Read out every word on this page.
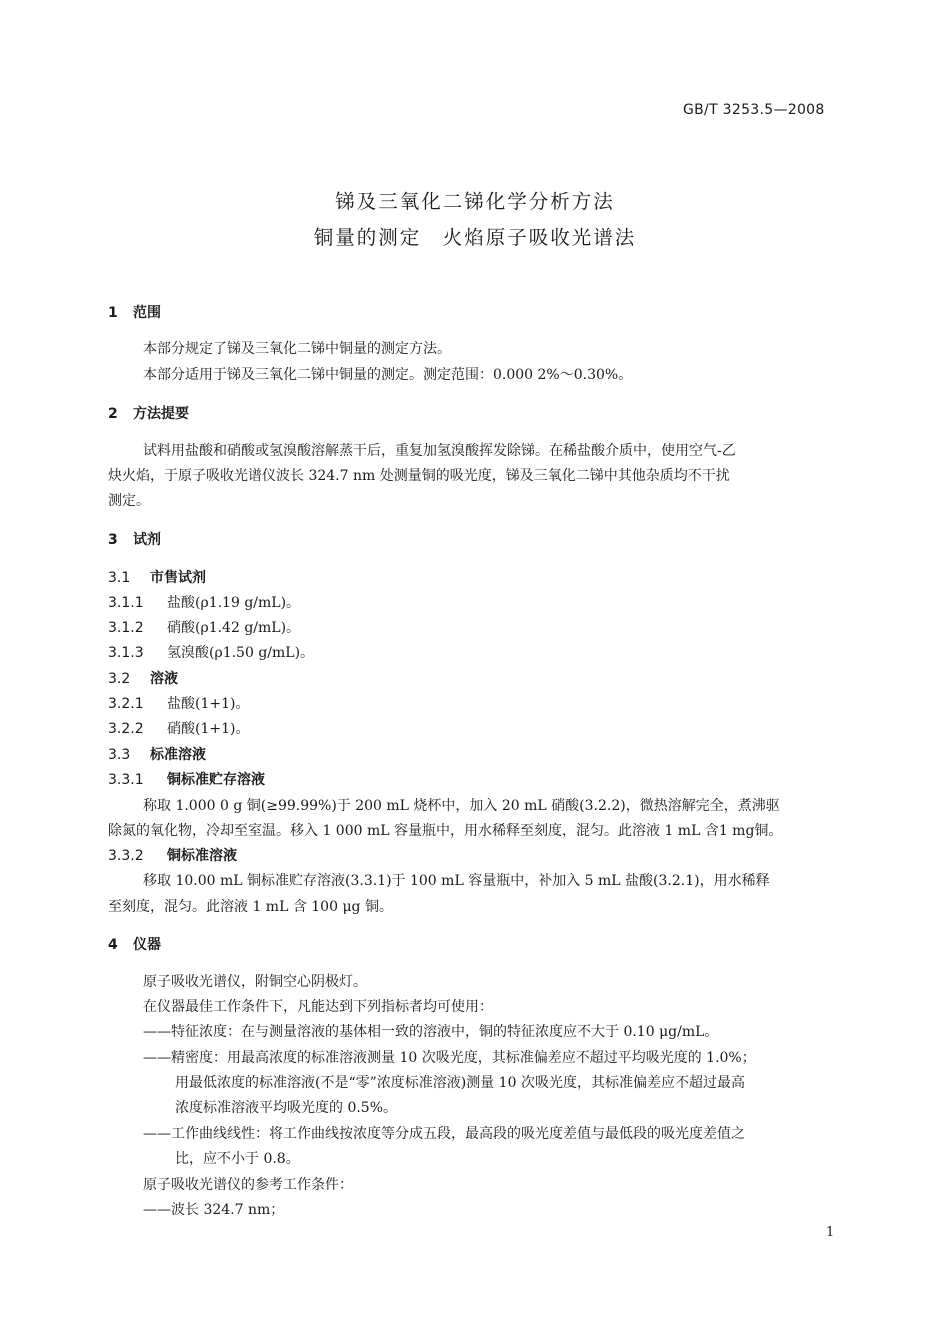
GB/T 3253.5—2008
锑及三氧化二锑化学分析方法
铜量的测定　火焰原子吸收光谱法
1 范围
本部分规定了锑及三氧化二锑中铜量的测定方法。
本部分适用于锑及三氧化二锑中铜量的测定。测定范围：0.000 2%～0.30%。
2 方法提要
试料用盐酸和硝酸或氢溴酸溶解蒸干后，重复加氢溴酸挥发除锑。在稀盐酸介质中，使用空气-乙
炔火焰，于原子吸收光谱仪波长 324.7 nm 处测量铜的吸光度，锑及三氧化二锑中其他杂质均不干扰
测定。
3 试剂
3.1 市售试剂
3.1.1 盐酸(ρ1.19 g/mL)。
3.1.2 硝酸(ρ1.42 g/mL)。
3.1.3 氢溴酸(ρ1.50 g/mL)。
3.2 溶液
3.2.1 盐酸(1+1)。
3.2.2 硝酸(1+1)。
3.3 标准溶液
3.3.1 铜标准贮存溶液
称取 1.000 0 g 铜(≥99.99%)于 200 mL 烧杯中，加入 20 mL 硝酸(3.2.2)，微热溶解完全，煮沸驱
除氮的氧化物，冷却至室温。移入 1 000 mL 容量瓶中，用水稀释至刻度，混匀。此溶液 1 mL 含1 mg铜。
3.3.2 铜标准溶液
移取 10.00 mL 铜标准贮存溶液(3.3.1)于 100 mL 容量瓶中，补加入 5 mL 盐酸(3.2.1)，用水稀释
至刻度，混匀。此溶液 1 mL 含 100 μg 铜。
4 仪器
原子吸收光谱仪，附铜空心阴极灯。
在仪器最佳工作条件下，凡能达到下列指标者均可使用：
——特征浓度：在与测量溶液的基体相一致的溶液中，铜的特征浓度应不大于 0.10 μg/mL。
——精密度：用最高浓度的标准溶液测量 10 次吸光度，其标准偏差应不超过平均吸光度的 1.0%；
用最低浓度的标准溶液(不是“零”浓度标准溶液)测量 10 次吸光度，其标准偏差应不超过最高
浓度标准溶液平均吸光度的 0.5%。
——工作曲线线性：将工作曲线按浓度等分成五段，最高段的吸光度差值与最低段的吸光度差值之
比，应不小于 0.8。
原子吸收光谱仪的参考工作条件：
——波长 324.7 nm；
1
